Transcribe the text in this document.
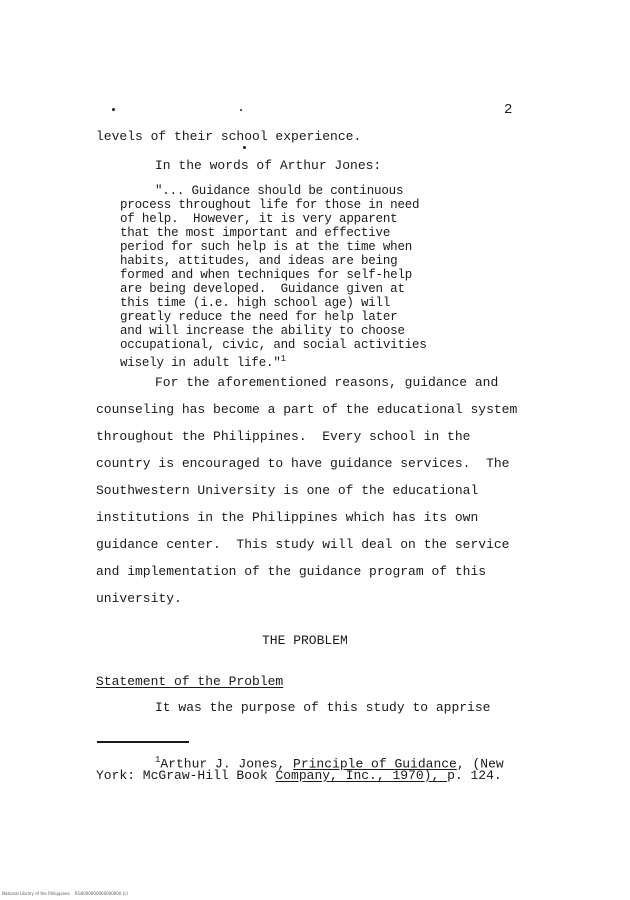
2
levels of their school experience.
In the words of Arthur Jones:
"... Guidance should be continuous
process throughout life for those in need
of help.  However, it is very apparent
that the most important and effective
period for such help is at the time when
habits, attitudes, and ideas are being
formed and when techniques for self-help
are being developed.  Guidance given at
this time (i.e. high school age) will
greatly reduce the need for help later
and will increase the ability to choose
occupational, civic, and social activities
wisely in adult life."$^1$
For the aforementioned reasons, guidance and
counseling has become a part of the educational system
throughout the Philippines.  Every school in the
country is encouraged to have guidance services.  The
Southwestern University is one of the educational
institutions in the Philippines which has its own
guidance center.  This study will deal on the service
and implementation of the guidance program of this
university.
THE PROBLEM
Statement of the Problem
It was the purpose of this study to apprise
$^1$Arthur J. Jones, Principle of Guidance, (New
York: McGraw-Hill Book Company, Inc., 1970), p. 124.
National Library of the Philippines    RG0000000000000000 (c)
